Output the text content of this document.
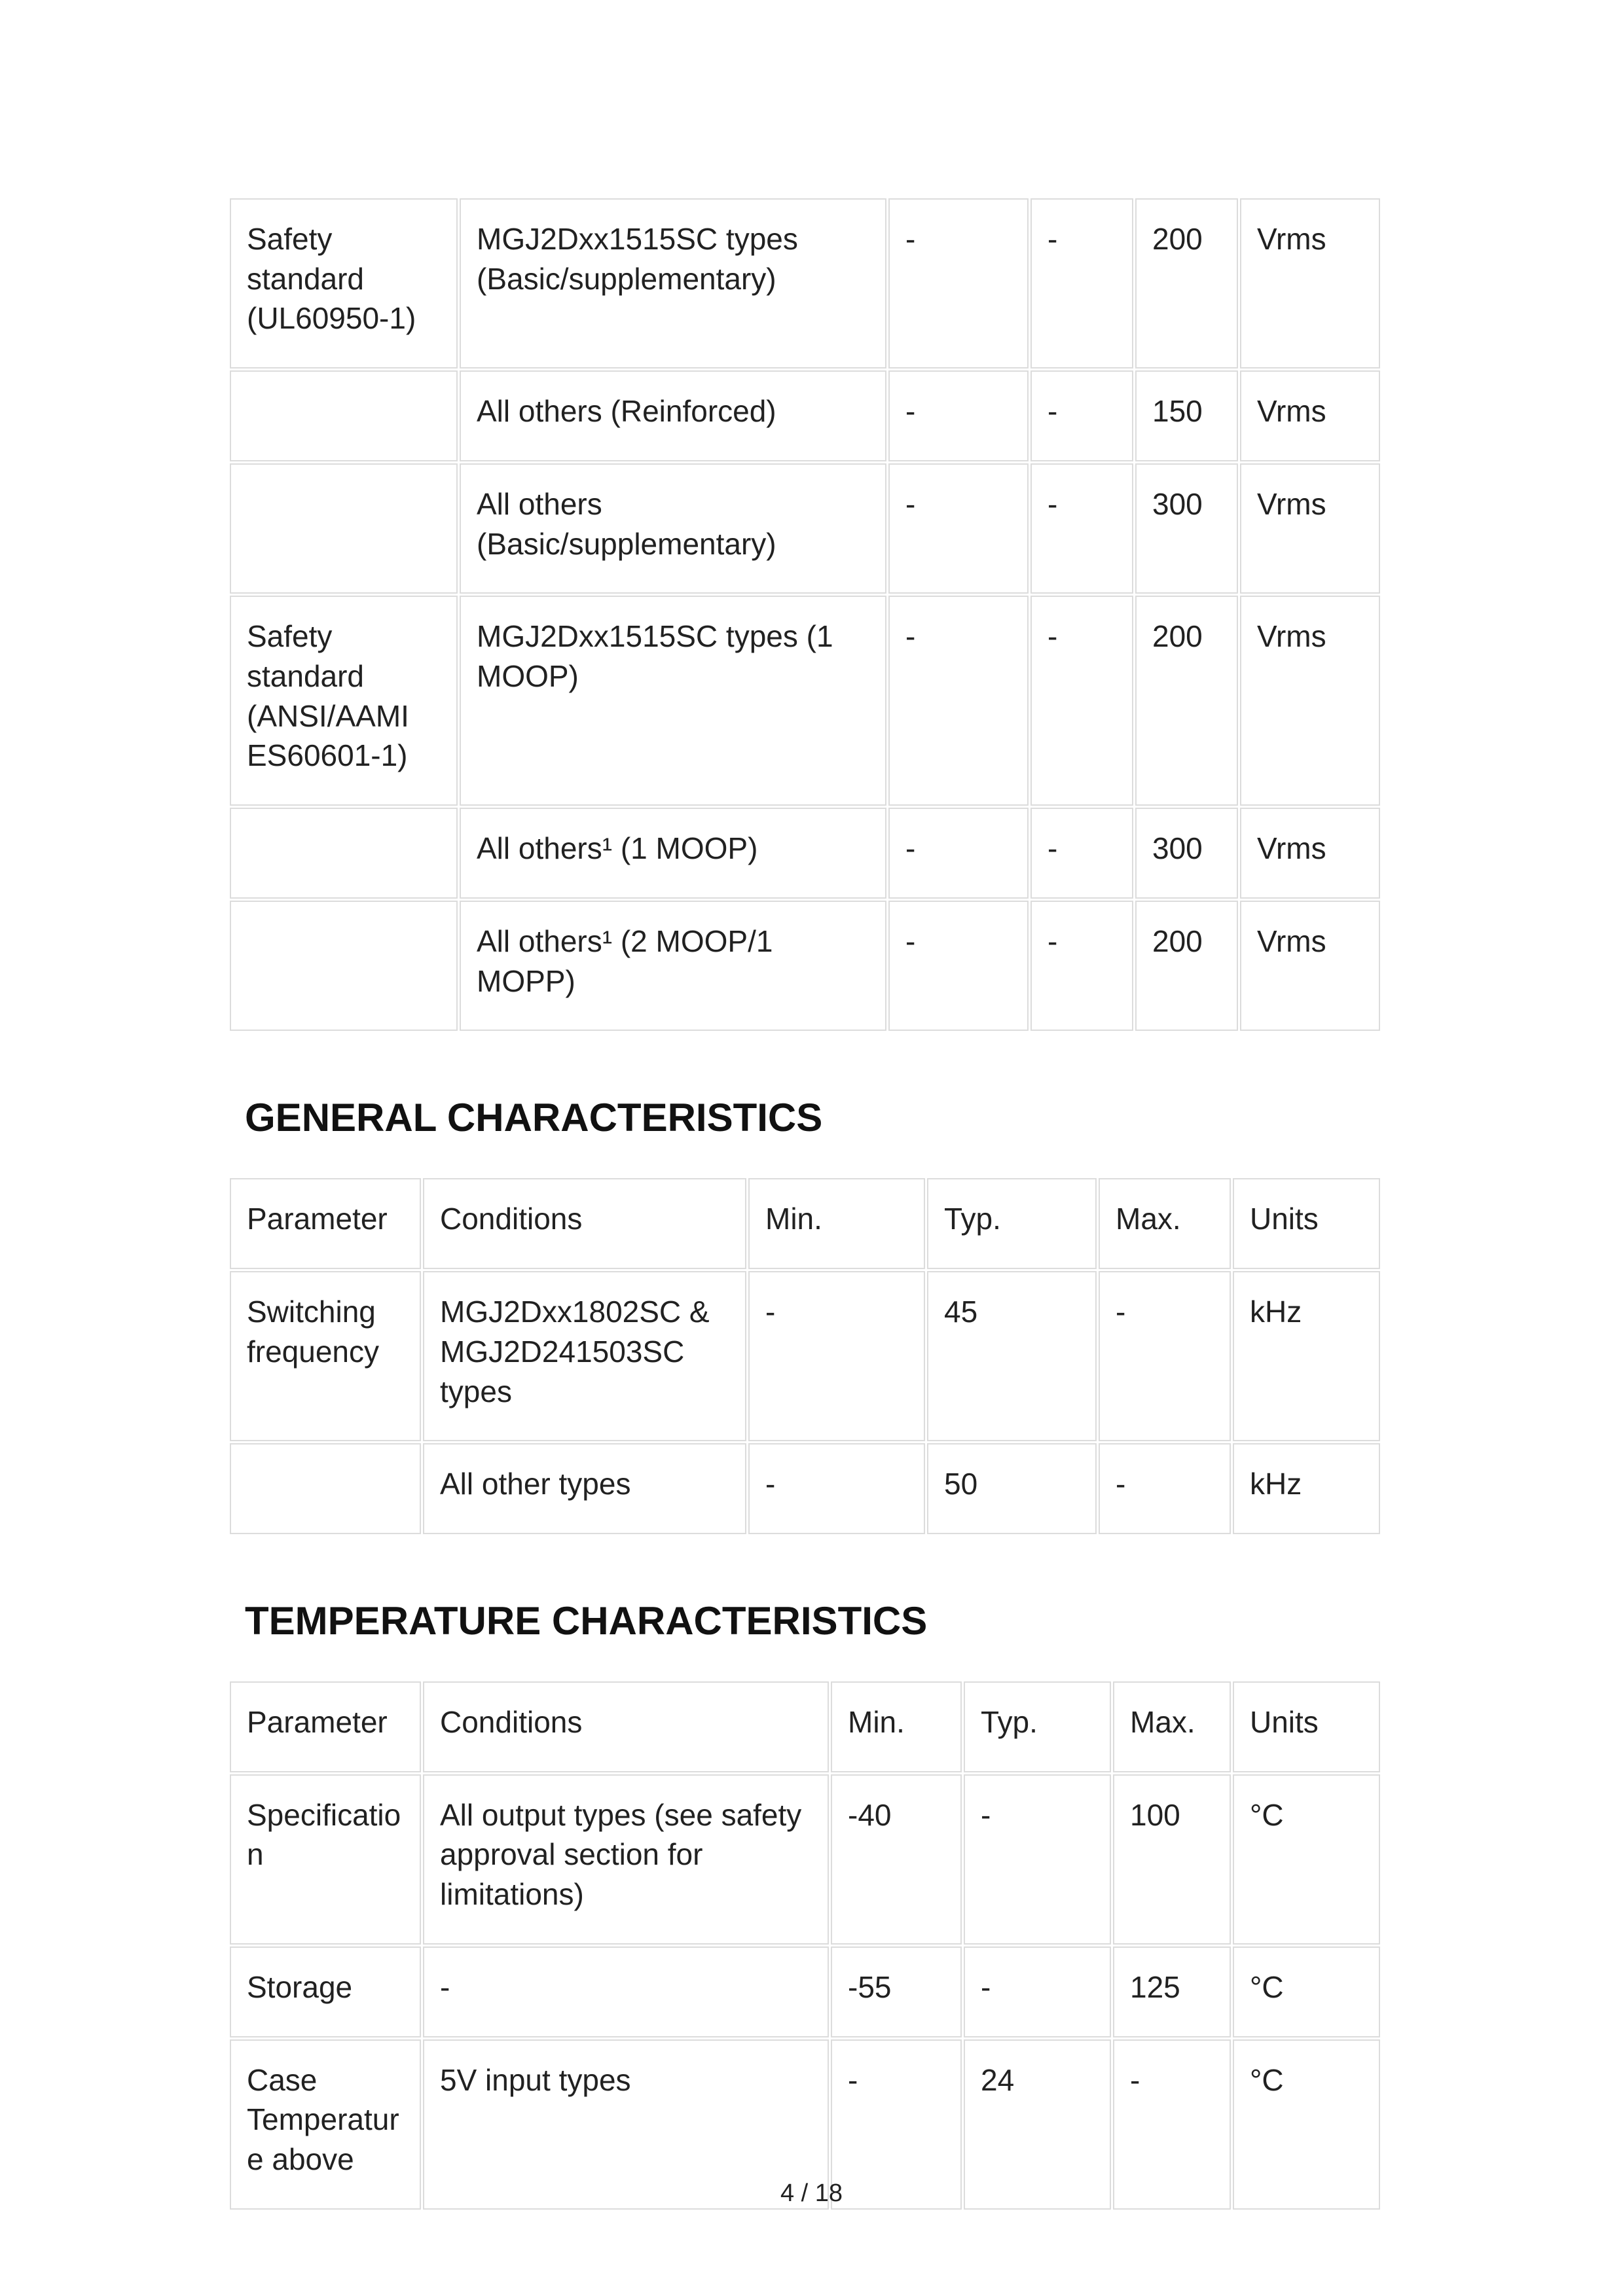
Safety standard (UL60950-1)	MGJ2Dxx1515SC types (Basic/supplementary)	-	-	200	Vrms
	All others (Reinforced)	-	-	150	Vrms
	All others (Basic/supplementary)	-	-	300	Vrms
Safety standard (ANSI/AAMI ES60601-1)	MGJ2Dxx1515SC types (1 MOOP)	-	-	200	Vrms
	All others¹ (1 MOOP)	-	-	300	Vrms
	All others¹ (2 MOOP/1 MOPP)	-	-	200	Vrms
GENERAL CHARACTERISTICS
Parameter	Conditions	Min.	Typ.	Max.	Units
Switching frequency	MGJ2Dxx1802SC & MGJ2D241503SC types	-	45	-	kHz
	All other types	-	50	-	kHz
TEMPERATURE CHARACTERISTICS
Parameter	Conditions	Min.	Typ.	Max.	Units
Specification	All output types (see safety approval section for limitations)	-40	-	100	°C
Storage	-	-55	-	125	°C
Case Temperature above	5V input types	-	24	-	°C
4 / 18
